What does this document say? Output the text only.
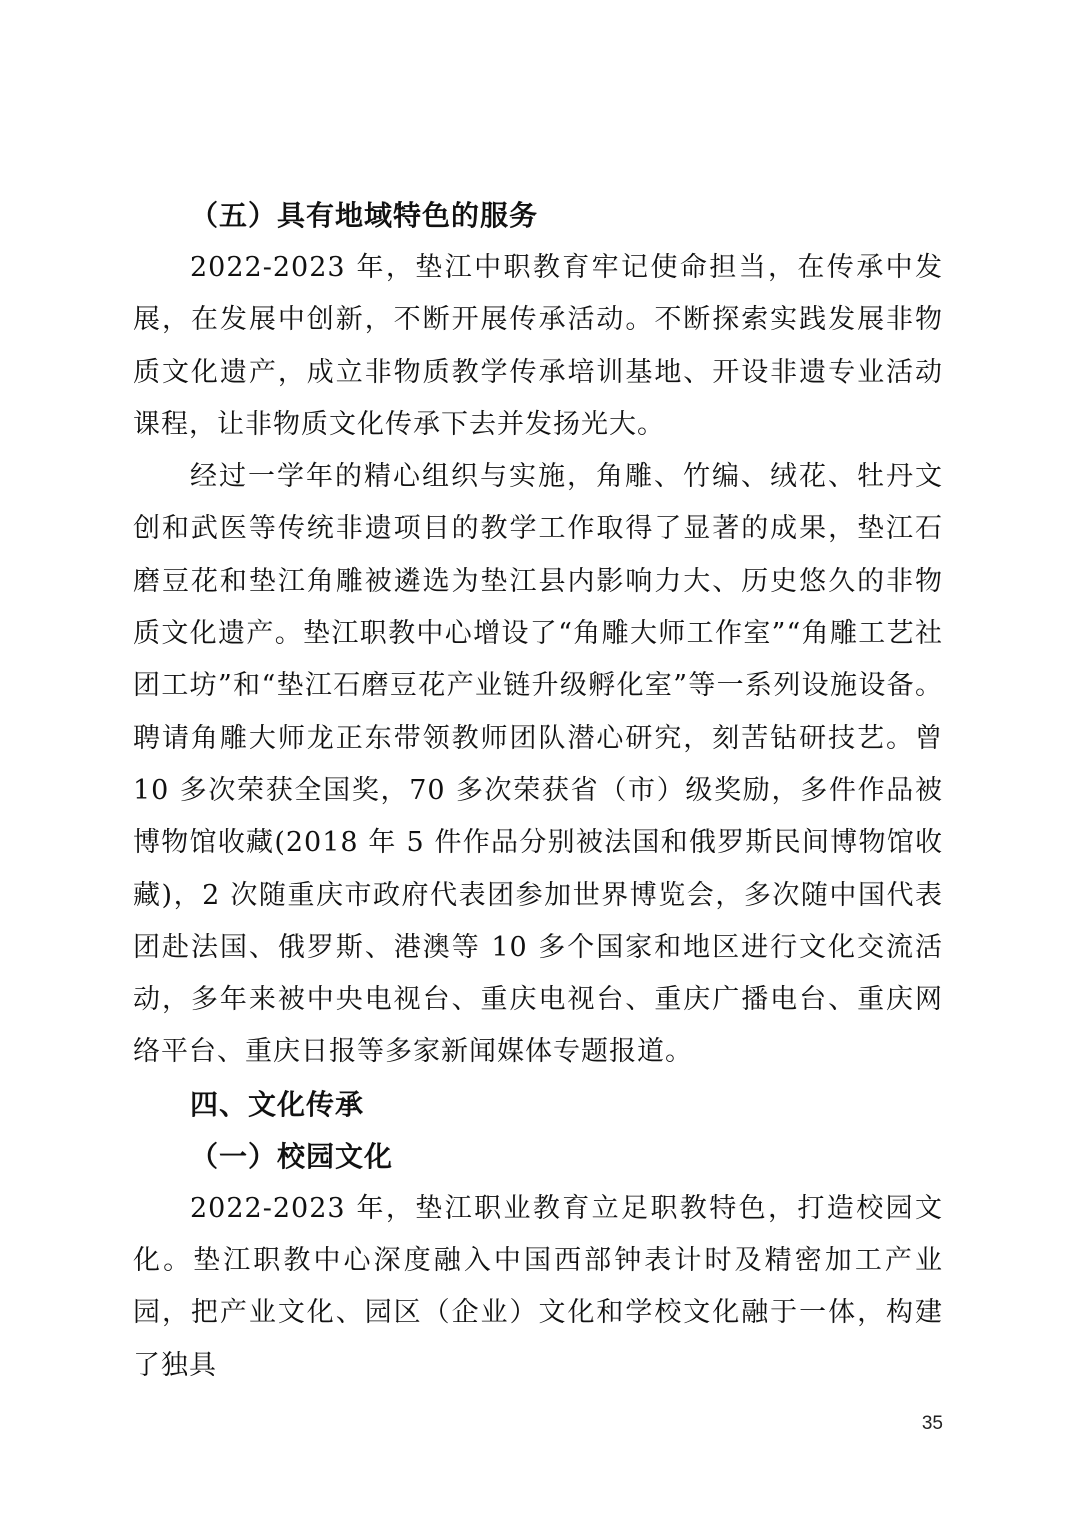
（五）具有地域特色的服务

2022-2023 年，垫江中职教育牢记使命担当，在传承中发展，在发展中创新，不断开展传承活动。不断探索实践发展非物质文化遗产，成立非物质教学传承培训基地、开设非遗专业活动课程，让非物质文化传承下去并发扬光大。

经过一学年的精心组织与实施，角雕、竹编、绒花、牡丹文创和武医等传统非遗项目的教学工作取得了显著的成果，垫江石磨豆花和垫江角雕被遴选为垫江县内影响力大、历史悠久的非物质文化遗产。垫江职教中心增设了“角雕大师工作室”“角雕工艺社团工坊”和“垫江石磨豆花产业链升级孵化室”等一系列设施设备。聘请角雕大师龙正东带领教师团队潜心研究，刻苦钻研技艺。曾 10 多次荣获全国奖，70 多次荣获省（市）级奖励，多件作品被博物馆收藏(2018 年 5 件作品分别被法国和俄罗斯民间博物馆收藏)，2 次随重庆市政府代表团参加世界博览会，多次随中国代表团赴法国、俄罗斯、港澳等 10 多个国家和地区进行文化交流活动，多年来被中央电视台、重庆电视台、重庆广播电台、重庆网络平台、重庆日报等多家新闻媒体专题报道。

四、文化传承

（一）校园文化

2022-2023 年，垫江职业教育立足职教特色，打造校园文化。垫江职教中心深度融入中国西部钟表计时及精密加工产业园，把产业文化、园区（企业）文化和学校文化融于一体，构建了独具

35
